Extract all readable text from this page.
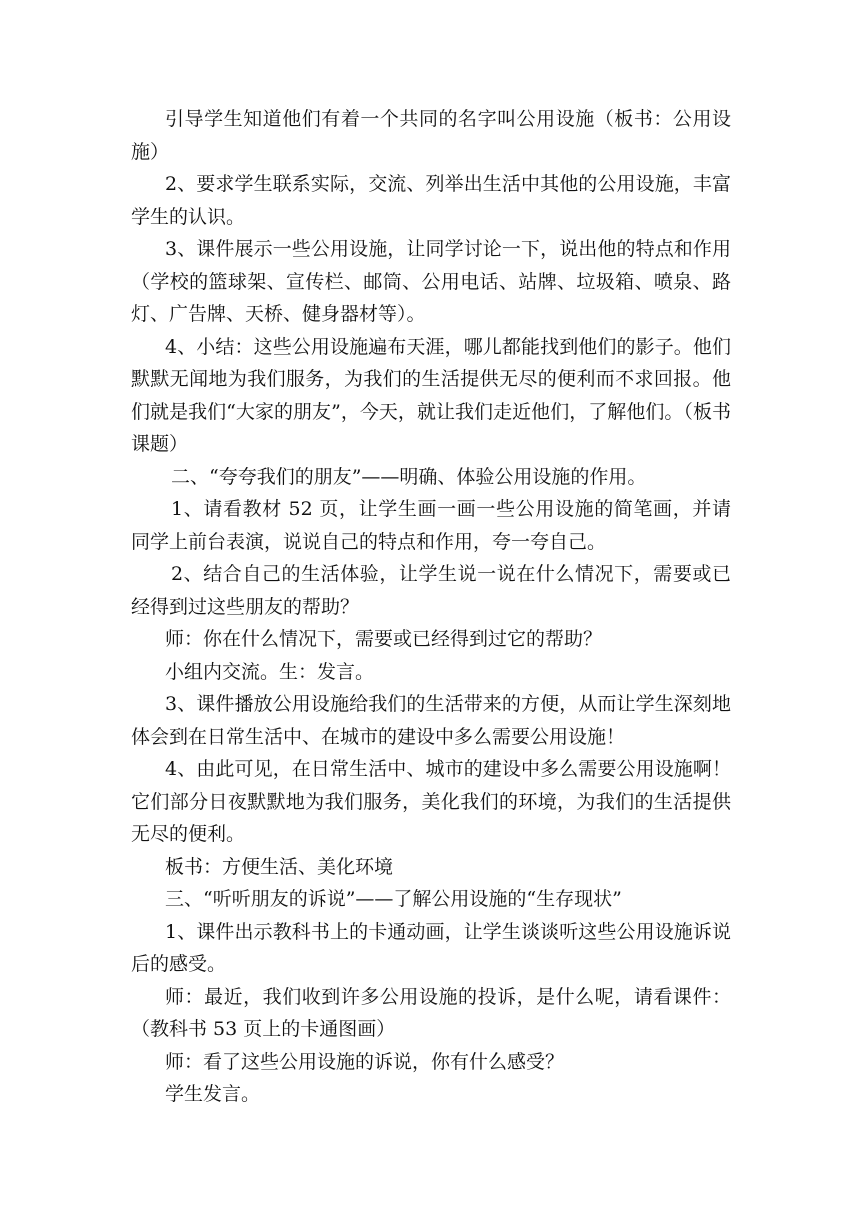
引导学生知道他们有着一个共同的名字叫公用设施（板书：公用设施）

2、要求学生联系实际，交流、列举出生活中其他的公用设施，丰富学生的认识。

3、课件展示一些公用设施，让同学讨论一下，说出他的特点和作用（学校的篮球架、宣传栏、邮筒、公用电话、站牌、垃圾箱、喷泉、路灯、广告牌、天桥、健身器材等）。

4、小结：这些公用设施遍布天涯，哪儿都能找到他们的影子。他们默默无闻地为我们服务，为我们的生活提供无尽的便利而不求回报。他们就是我们“大家的朋友”，今天，就让我们走近他们，了解他们。（板书课题）

二、“夸夸我们的朋友”——明确、体验公用设施的作用。

1、请看教材 52 页，让学生画一画一些公用设施的简笔画，并请同学上前台表演，说说自己的特点和作用，夸一夸自己。

2、结合自己的生活体验，让学生说一说在什么情况下，需要或已经得到过这些朋友的帮助？

师：你在什么情况下，需要或已经得到过它的帮助？

小组内交流。生：发言。

3、课件播放公用设施给我们的生活带来的方便，从而让学生深刻地体会到在日常生活中、在城市的建设中多么需要公用设施！

4、由此可见，在日常生活中、城市的建设中多么需要公用设施啊！它们部分日夜默默地为我们服务，美化我们的环境，为我们的生活提供无尽的便利。

板书：方便生活、美化环境

三、“听听朋友的诉说”——了解公用设施的“生存现状”

1、课件出示教科书上的卡通动画，让学生谈谈听这些公用设施诉说后的感受。

师：最近，我们收到许多公用设施的投诉，是什么呢，请看课件：（教科书 53 页上的卡通图画）

师：看了这些公用设施的诉说，你有什么感受？

学生发言。
